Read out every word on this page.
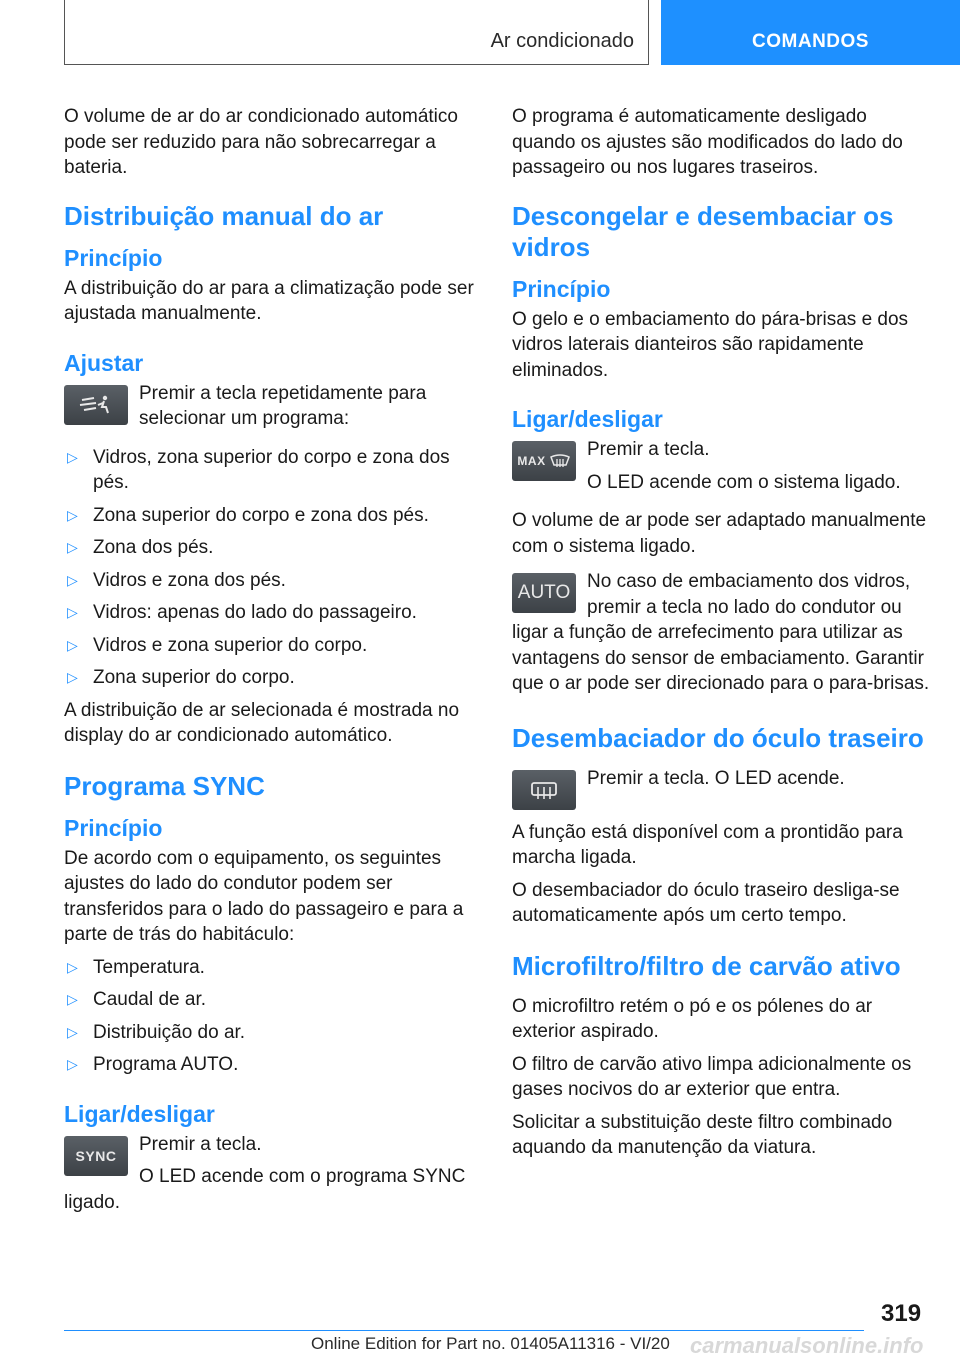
Ar condicionado	COMANDOS

O volume de ar do ar condicionado automático pode ser reduzido para não sobrecarregar a bateria.

Distribuição manual do ar
Princípio

A distribuição do ar para a climatização pode ser ajustada manualmente.

Ajustar

Premir a tecla repetidamente para selecionar um programa:

▷ Vidros, zona superior do corpo e zona dos pés.
▷ Zona superior do corpo e zona dos pés.
▷ Zona dos pés.
▷ Vidros e zona dos pés.
▷ Vidros: apenas do lado do passageiro.
▷ Vidros e zona superior do corpo.
▷ Zona superior do corpo.

A distribuição de ar selecionada é mostrada no display do ar condicionado automático.

Programa SYNC
Princípio

De acordo com o equipamento, os seguintes ajustes do lado do condutor podem ser transferidos para o lado do passageiro e para a parte de trás do habitáculo:

▷ Temperatura.
▷ Caudal de ar.
▷ Distribuição do ar.
▷ Programa AUTO.
Ligar/desligar
SYNC

Premir a tecla.

O LED acende com o programa SYNC ligado.

O programa é automaticamente desligado quando os ajustes são modificados do lado do passageiro ou nos lugares traseiros.

Descongelar e desembaciar os vidros
Princípio

O gelo e o embaciamento do pára-brisas e dos vidros laterais dianteiros são rapidamente eliminados.

Ligar/desligar
MAX

Premir a tecla.

O LED acende com o sistema ligado.

O volume de ar pode ser adaptado manualmente com o sistema ligado.

AUTO

No caso de embaciamento dos vidros, premir a tecla no lado do condutor ou ligar a função de arrefecimento para utilizar as vantagens do sensor de embaciamento. Garantir que o ar pode ser direcionado para o para-brisas.

Desembaciador do óculo traseiro

Premir a tecla. O LED acende.

A função está disponível com a prontidão para marcha ligada.

O desembaciador do óculo traseiro desliga-se automaticamente após um certo tempo.

Microfiltro/filtro de carvão ativo

O microfiltro retém o pó e os pólenes do ar exterior aspirado.

O filtro de carvão ativo limpa adicionalmente os gases nocivos do ar exterior que entra.

Solicitar a substituição deste filtro combinado aquando da manutenção da viatura.

319
Online Edition for Part no. 01405A11316 - VI/20 carmanualsonline.info
